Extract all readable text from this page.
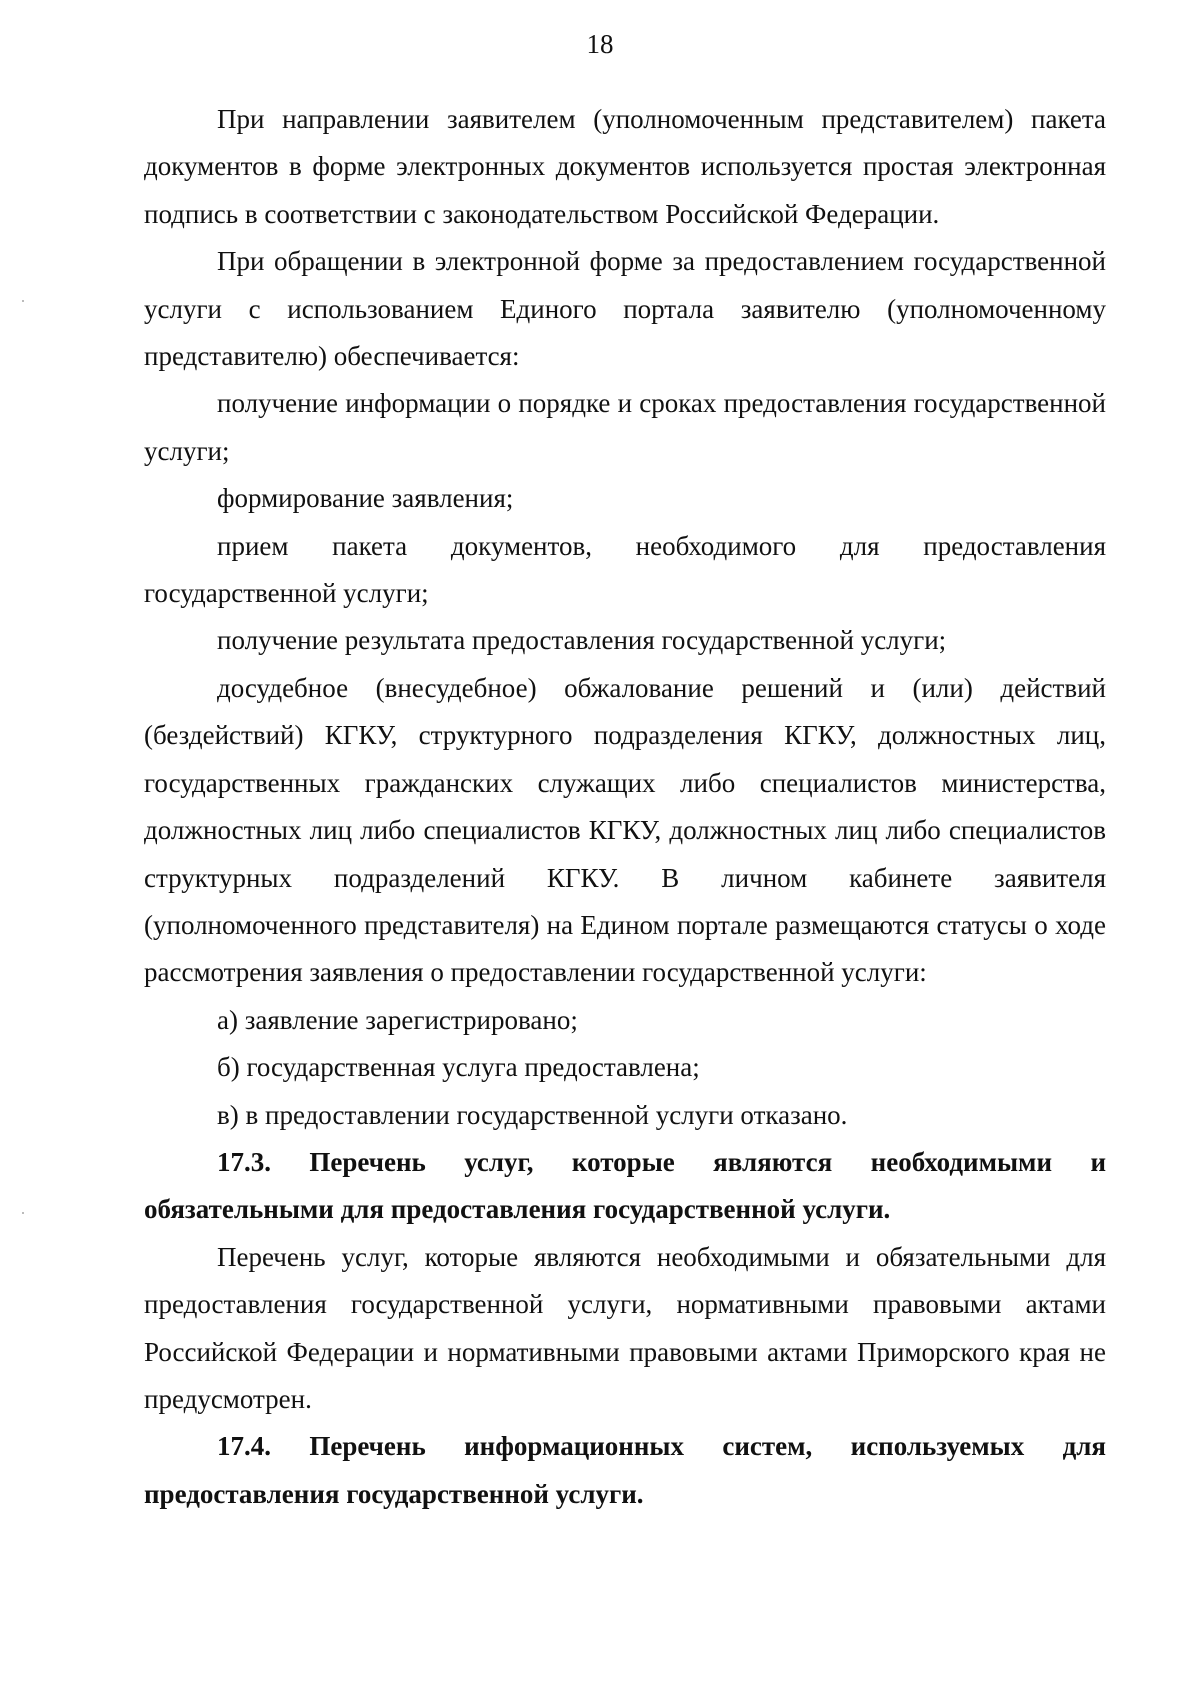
18

При направлении заявителем (уполномоченным представителем) пакета документов в форме электронных документов используется простая электронная подпись в соответствии с законодательством Российской Федерации.

При обращении в электронной форме за предоставлением государственной услуги с использованием Единого портала заявителю (уполномоченному представителю) обеспечивается:

получение информации о порядке и сроках предоставления государственной услуги;

формирование заявления;

прием пакета документов, необходимого для предоставления государственной услуги;

получение результата предоставления государственной услуги;

досудебное (внесудебное) обжалование решений и (или) действий (бездействий) КГКУ, структурного подразделения КГКУ, должностных лиц, государственных гражданских служащих либо специалистов министерства, должностных лиц либо специалистов КГКУ, должностных лиц либо специалистов структурных подразделений КГКУ. В личном кабинете заявителя (уполномоченного представителя) на Едином портале размещаются статусы о ходе рассмотрения заявления о предоставлении государственной услуги:

а) заявление зарегистрировано;

б) государственная услуга предоставлена;

в) в предоставлении государственной услуги отказано.

17.3. Перечень услуг, которые являются необходимыми и обязательными для предоставления государственной услуги.

Перечень услуг, которые являются необходимыми и обязательными для предоставления государственной услуги, нормативными правовыми актами Российской Федерации и нормативными правовыми актами Приморского края не предусмотрен.

17.4. Перечень информационных систем, используемых для предоставления государственной услуги.
